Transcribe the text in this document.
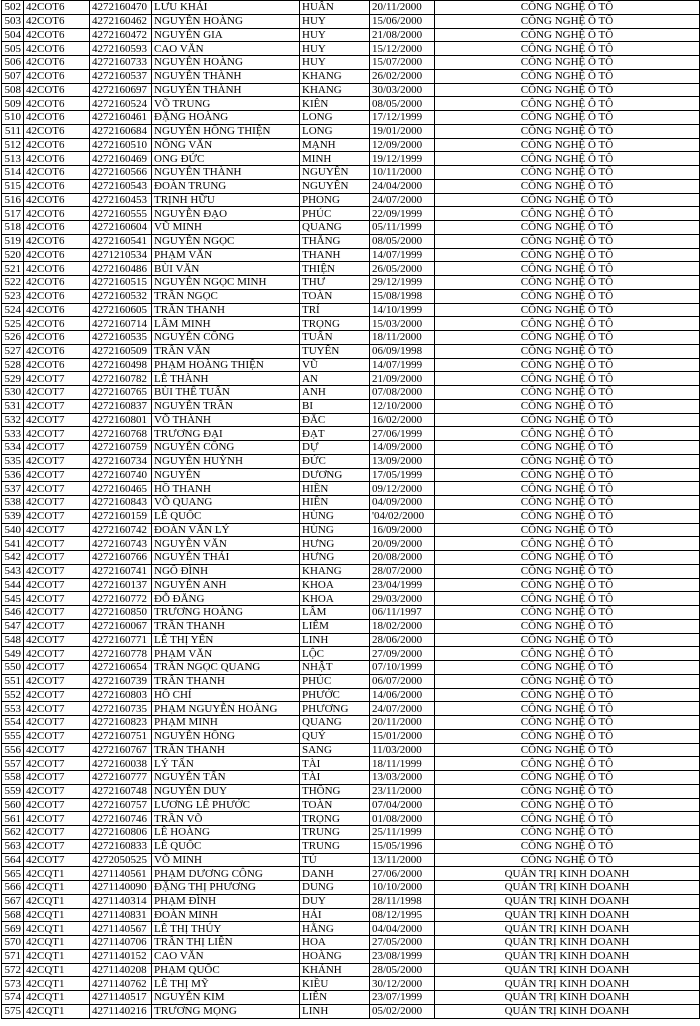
502	42COT6	4272160470	LƯU KHẢI	HUÂN	20/11/2000	CÔNG NGHỆ Ô TÔ
503	42COT6	4272160462	NGUYỄN HOÀNG	HUY	15/06/2000	CÔNG NGHỆ Ô TÔ
504	42COT6	4272160472	NGUYỄN GIA	HUY	21/08/2000	CÔNG NGHỆ Ô TÔ
505	42COT6	4272160593	CAO VĂN	HUY	15/12/2000	CÔNG NGHỆ Ô TÔ
506	42COT6	4272160733	NGUYỄN HOÀNG	HUY	15/07/2000	CÔNG NGHỆ Ô TÔ
507	42COT6	4272160537	NGUYỄN THÀNH	KHANG	26/02/2000	CÔNG NGHỆ Ô TÔ
508	42COT6	4272160697	NGUYỄN THÀNH	KHANG	30/03/2000	CÔNG NGHỆ Ô TÔ
509	42COT6	4272160524	VÕ TRUNG	KIÊN	08/05/2000	CÔNG NGHỆ Ô TÔ
510	42COT6	4272160461	ĐẶNG HOÀNG	LONG	17/12/1999	CÔNG NGHỆ Ô TÔ
511	42COT6	4272160684	NGUYỄN HỒNG THIỆN	LONG	19/01/2000	CÔNG NGHỆ Ô TÔ
512	42COT6	4272160510	NÔNG VĂN	MẠNH	12/09/2000	CÔNG NGHỆ Ô TÔ
513	42COT6	4272160469	ONG ĐỨC	MINH	19/12/1999	CÔNG NGHỆ Ô TÔ
514	42COT6	4272160566	NGUYỄN THÀNH	NGUYÊN	10/11/2000	CÔNG NGHỆ Ô TÔ
515	42COT6	4272160543	ĐOÀN TRUNG	NGUYÊN	24/04/2000	CÔNG NGHỆ Ô TÔ
516	42COT6	4272160453	TRỊNH HỮU	PHONG	24/07/2000	CÔNG NGHỆ Ô TÔ
517	42COT6	4272160555	NGUYỄN ĐẠO	PHÚC	22/09/1999	CÔNG NGHỆ Ô TÔ
518	42COT6	4272160604	VŨ MINH	QUANG	05/11/1999	CÔNG NGHỆ Ô TÔ
519	42COT6	4272160541	NGUYỄN NGỌC	THẮNG	08/05/2000	CÔNG NGHỆ Ô TÔ
520	42COT6	4271210534	PHẠM VĂN	THANH	14/07/1999	CÔNG NGHỆ Ô TÔ
521	42COT6	4272160486	BÙI VĂN	THIỆN	26/05/2000	CÔNG NGHỆ Ô TÔ
522	42COT6	4272160515	NGUYỄN NGỌC MINH	THƯ	29/12/1999	CÔNG NGHỆ Ô TÔ
523	42COT6	4272160532	TRẦN NGỌC	TOÀN	15/08/1998	CÔNG NGHỆ Ô TÔ
524	42COT6	4272160605	TRẦN THANH	TRÍ	14/10/1999	CÔNG NGHỆ Ô TÔ
525	42COT6	4272160714	LÂM MINH	TRỌNG	15/03/2000	CÔNG NGHỆ Ô TÔ
526	42COT6	4272160535	NGUYỄN CÔNG	TUẤN	18/11/2000	CÔNG NGHỆ Ô TÔ
527	42COT6	4272160509	TRẦN VĂN	TUYÊN	06/09/1998	CÔNG NGHỆ Ô TÔ
528	42COT6	4272160498	PHẠM HOÀNG THIỆN	VŨ	14/07/1999	CÔNG NGHỆ Ô TÔ
529	42COT7	4272160782	LÊ THÀNH	AN	21/09/2000	CÔNG NGHỆ Ô TÔ
530	42COT7	4272160765	BÙI THẾ TUẤN	ANH	07/08/2000	CÔNG NGHỆ Ô TÔ
531	42COT7	4272160837	NGUYỄN TRẦN	BI	12/10/2000	CÔNG NGHỆ Ô TÔ
532	42COT7	4272160801	VÕ THÀNH	ĐẮC	16/02/2000	CÔNG NGHỆ Ô TÔ
533	42COT7	4272160768	TRƯƠNG ĐẠI	ĐẠT	27/06/1999	CÔNG NGHỆ Ô TÔ
534	42COT7	4272160759	NGUYỄN CÔNG	DỰ	14/09/2000	CÔNG NGHỆ Ô TÔ
535	42COT7	4272160734	NGUYỄN HUỲNH	ĐỨC	13/09/2000	CÔNG NGHỆ Ô TÔ
536	42COT7	4272160740	NGUYỄN	DƯƠNG	17/05/1999	CÔNG NGHỆ Ô TÔ
537	42COT7	4272160465	HỒ THANH	HIỀN	09/12/2000	CÔNG NGHỆ Ô TÔ
538	42COT7	4272160843	VÕ QUANG	HIỀN	04/09/2000	CÔNG NGHỆ Ô TÔ
539	42COT7	4272160159	LÊ QUỐC	HÙNG	'04/02/2000	CÔNG NGHỆ Ô TÔ
540	42COT7	4272160742	ĐOÀN VĂN LÝ	HÙNG	16/09/2000	CÔNG NGHỆ Ô TÔ
541	42COT7	4272160743	NGUYỄN VĂN	HƯNG	20/09/2000	CÔNG NGHỆ Ô TÔ
542	42COT7	4272160766	NGUYỄN THÁI	HƯNG	20/08/2000	CÔNG NGHỆ Ô TÔ
543	42COT7	4272160741	NGÔ ĐÌNH	KHANG	28/07/2000	CÔNG NGHỆ Ô TÔ
544	42COT7	4272160137	NGUYỄN ANH	KHOA	23/04/1999	CÔNG NGHỆ Ô TÔ
545	42COT7	4272160772	ĐỖ ĐĂNG	KHOA	29/03/2000	CÔNG NGHỆ Ô TÔ
546	42COT7	4272160850	TRƯƠNG HOÀNG	LÂM	06/11/1997	CÔNG NGHỆ Ô TÔ
547	42COT7	4272160067	TRẦN THANH	LIÊM	18/02/2000	CÔNG NGHỆ Ô TÔ
548	42COT7	4272160771	LÊ THỊ YẾN	LINH	28/06/2000	CÔNG NGHỆ Ô TÔ
549	42COT7	4272160778	PHẠM VĂN	LỘC	27/09/2000	CÔNG NGHỆ Ô TÔ
550	42COT7	4272160654	TRẦN NGỌC QUANG	NHẬT	07/10/1999	CÔNG NGHỆ Ô TÔ
551	42COT7	4272160739	TRẦN THANH	PHÚC	06/07/2000	CÔNG NGHỆ Ô TÔ
552	42COT7	4272160803	HỒ CHÍ	PHƯỚC	14/06/2000	CÔNG NGHỆ Ô TÔ
553	42COT7	4272160735	PHẠM NGUYỄN HOÀNG	PHƯƠNG	24/07/2000	CÔNG NGHỆ Ô TÔ
554	42COT7	4272160823	PHẠM MINH	QUANG	20/11/2000	CÔNG NGHỆ Ô TÔ
555	42COT7	4272160751	NGUYỄN HỒNG	QUÝ	15/01/2000	CÔNG NGHỆ Ô TÔ
556	42COT7	4272160767	TRẦN THANH	SANG	11/03/2000	CÔNG NGHỆ Ô TÔ
557	42COT7	4272160038	LÝ TẤN	TÀI	18/11/1999	CÔNG NGHỆ Ô TÔ
558	42COT7	4272160777	NGUYỄN TẤN	TÀI	13/03/2000	CÔNG NGHỆ Ô TÔ
559	42COT7	4272160748	NGUYỄN DUY	THÔNG	23/11/2000	CÔNG NGHỆ Ô TÔ
560	42COT7	4272160757	LƯƠNG LÊ PHƯỚC	TOÀN	07/04/2000	CÔNG NGHỆ Ô TÔ
561	42COT7	4272160746	TRẦN VÕ	TRỌNG	01/08/2000	CÔNG NGHỆ Ô TÔ
562	42COT7	4272160806	LÊ HOÀNG	TRUNG	25/11/1999	CÔNG NGHỆ Ô TÔ
563	42COT7	4272160833	LÊ QUỐC	TRUNG	15/05/1996	CÔNG NGHỆ Ô TÔ
564	42COT7	4272050525	VÕ MINH	TÚ	13/11/2000	CÔNG NGHỆ Ô TÔ
565	42CQT1	4271140561	PHẠM DƯƠNG CÔNG	DANH	27/06/2000	QUẢN TRỊ KINH DOANH
566	42CQT1	4271140090	ĐẶNG THỊ PHƯƠNG	DUNG	10/10/2000	QUẢN TRỊ KINH DOANH
567	42CQT1	4271140314	PHẠM ĐÌNH	DUY	28/11/1998	QUẢN TRỊ KINH DOANH
568	42CQT1	4271140831	ĐOÀN MINH	HẢI	08/12/1995	QUẢN TRỊ KINH DOANH
569	42CQT1	4271140567	LÊ THỊ THÚY	HẰNG	04/04/2000	QUẢN TRỊ KINH DOANH
570	42CQT1	4271140706	TRẦN THỊ LIÊN	HOA	27/05/2000	QUẢN TRỊ KINH DOANH
571	42CQT1	4271140152	CAO VĂN	HOÀNG	23/08/1999	QUẢN TRỊ KINH DOANH
572	42CQT1	4271140208	PHẠM QUỐC	KHÁNH	28/05/2000	QUẢN TRỊ KINH DOANH
573	42CQT1	4271140762	LÊ THỊ MỸ	KIỀU	30/12/2000	QUẢN TRỊ KINH DOANH
574	42CQT1	4271140517	NGUYỄN KIM	LIÊN	23/07/1999	QUẢN TRỊ KINH DOANH
575	42CQT1	4271140216	TRƯƠNG MỌNG	LINH	05/02/2000	QUẢN TRỊ KINH DOANH
